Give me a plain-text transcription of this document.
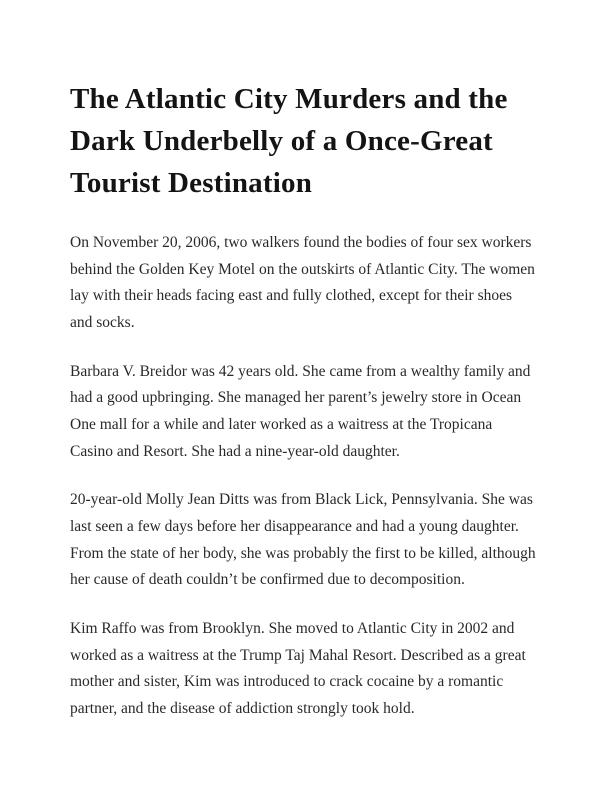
The Atlantic City Murders and the Dark Underbelly of a Once-Great Tourist Destination

On November 20, 2006, two walkers found the bodies of four sex workers behind the Golden Key Motel on the outskirts of Atlantic City. The women lay with their heads facing east and fully clothed, except for their shoes and socks.

Barbara V. Breidor was 42 years old. She came from a wealthy family and had a good upbringing. She managed her parent’s jewelry store in Ocean One mall for a while and later worked as a waitress at the Tropicana Casino and Resort. She had a nine-year-old daughter.

20-year-old Molly Jean Ditts was from Black Lick, Pennsylvania. She was last seen a few days before her disappearance and had a young daughter. From the state of her body, she was probably the first to be killed, although her cause of death couldn’t be confirmed due to decomposition.

Kim Raffo was from Brooklyn. She moved to Atlantic City in 2002 and worked as a waitress at the Trump Taj Mahal Resort. Described as a great mother and sister, Kim was introduced to crack cocaine by a romantic partner, and the disease of addiction strongly took hold.
